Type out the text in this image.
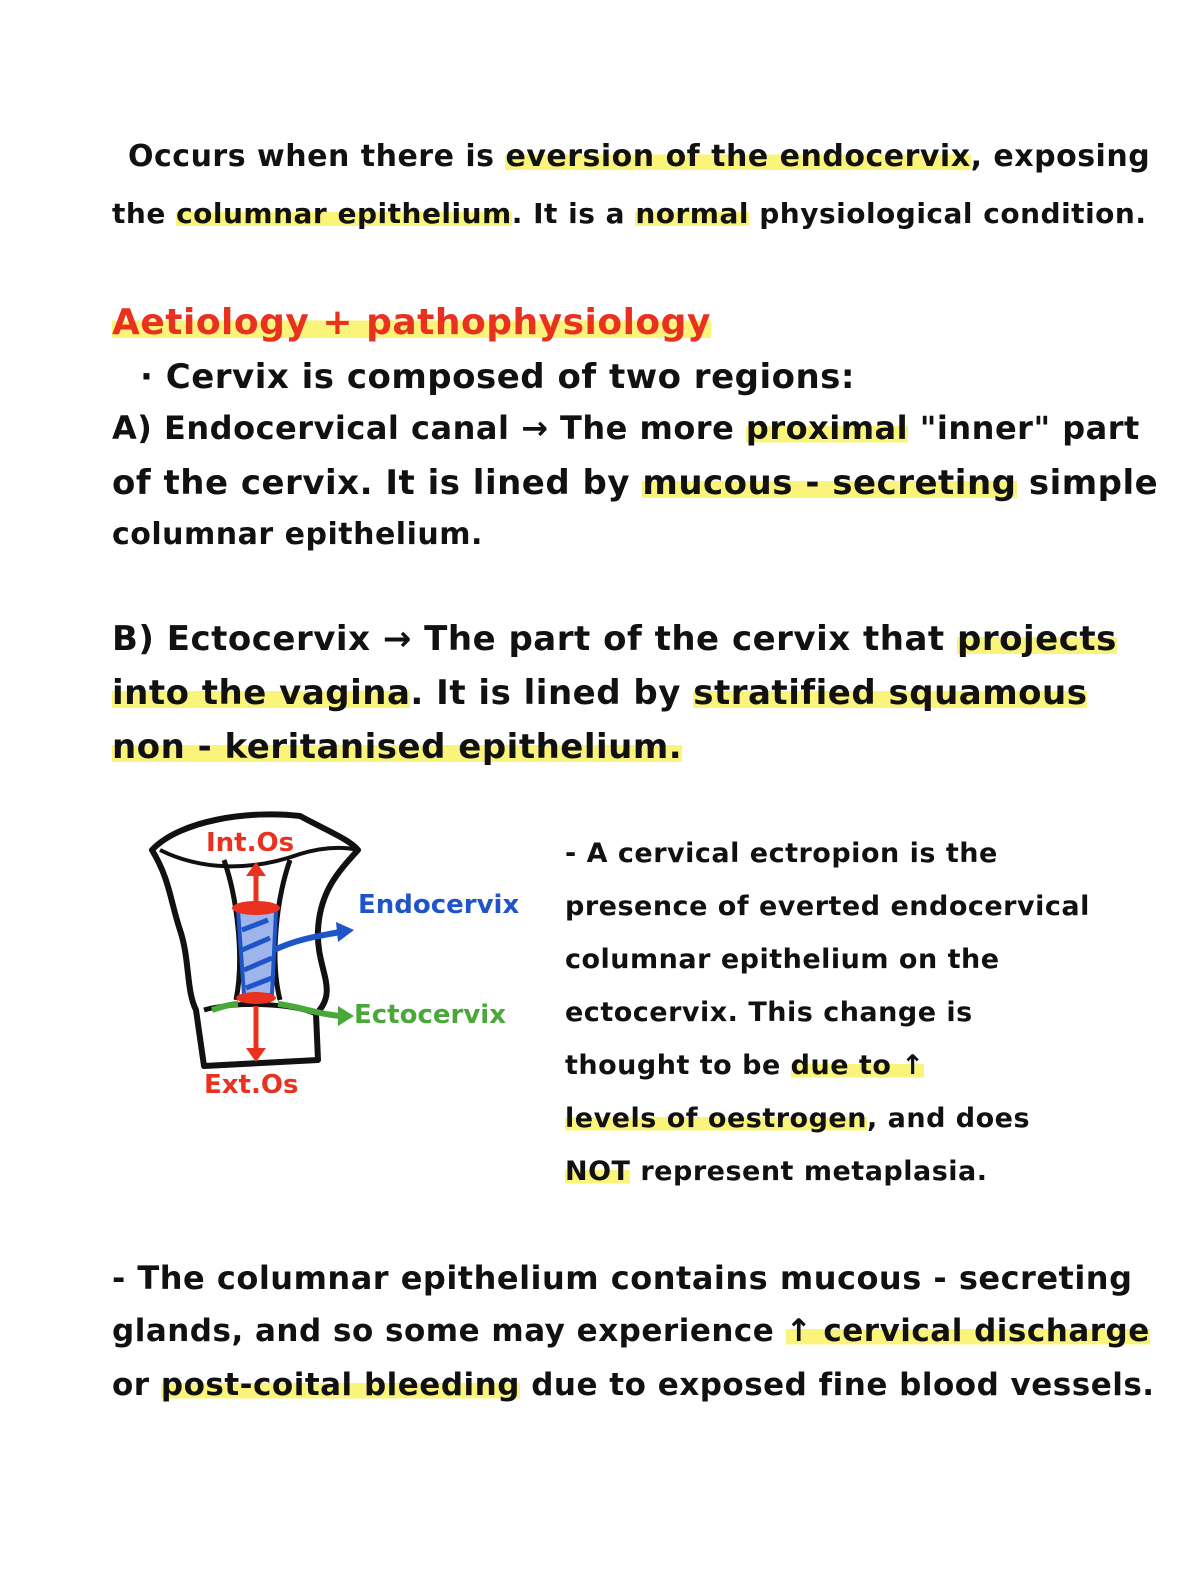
Occurs when there is eversion of the endocervix, exposing
the columnar epithelium. It is a normal physiological condition.
Aetiology + pathophysiology
· Cervix is composed of two regions:
A) Endocervical canal → The more proximal "inner" part
of the cervix. It is lined by mucous - secreting simple
columnar epithelium.
B) Ectocervix → The part of the cervix that projects
into the vagina. It is lined by stratified squamous
non - keritanised epithelium.
Int.Os
Endocervix
Ectocervix
Ext.Os
- A cervical ectropion is the
presence of everted endocervical
columnar epithelium on the
ectocervix. This change is
thought to be due to ↑
levels of oestrogen, and does
NOT represent metaplasia.
- The columnar epithelium contains mucous - secreting
glands, and so some may experience ↑ cervical discharge
or post-coital bleeding due to exposed fine blood vessels.
